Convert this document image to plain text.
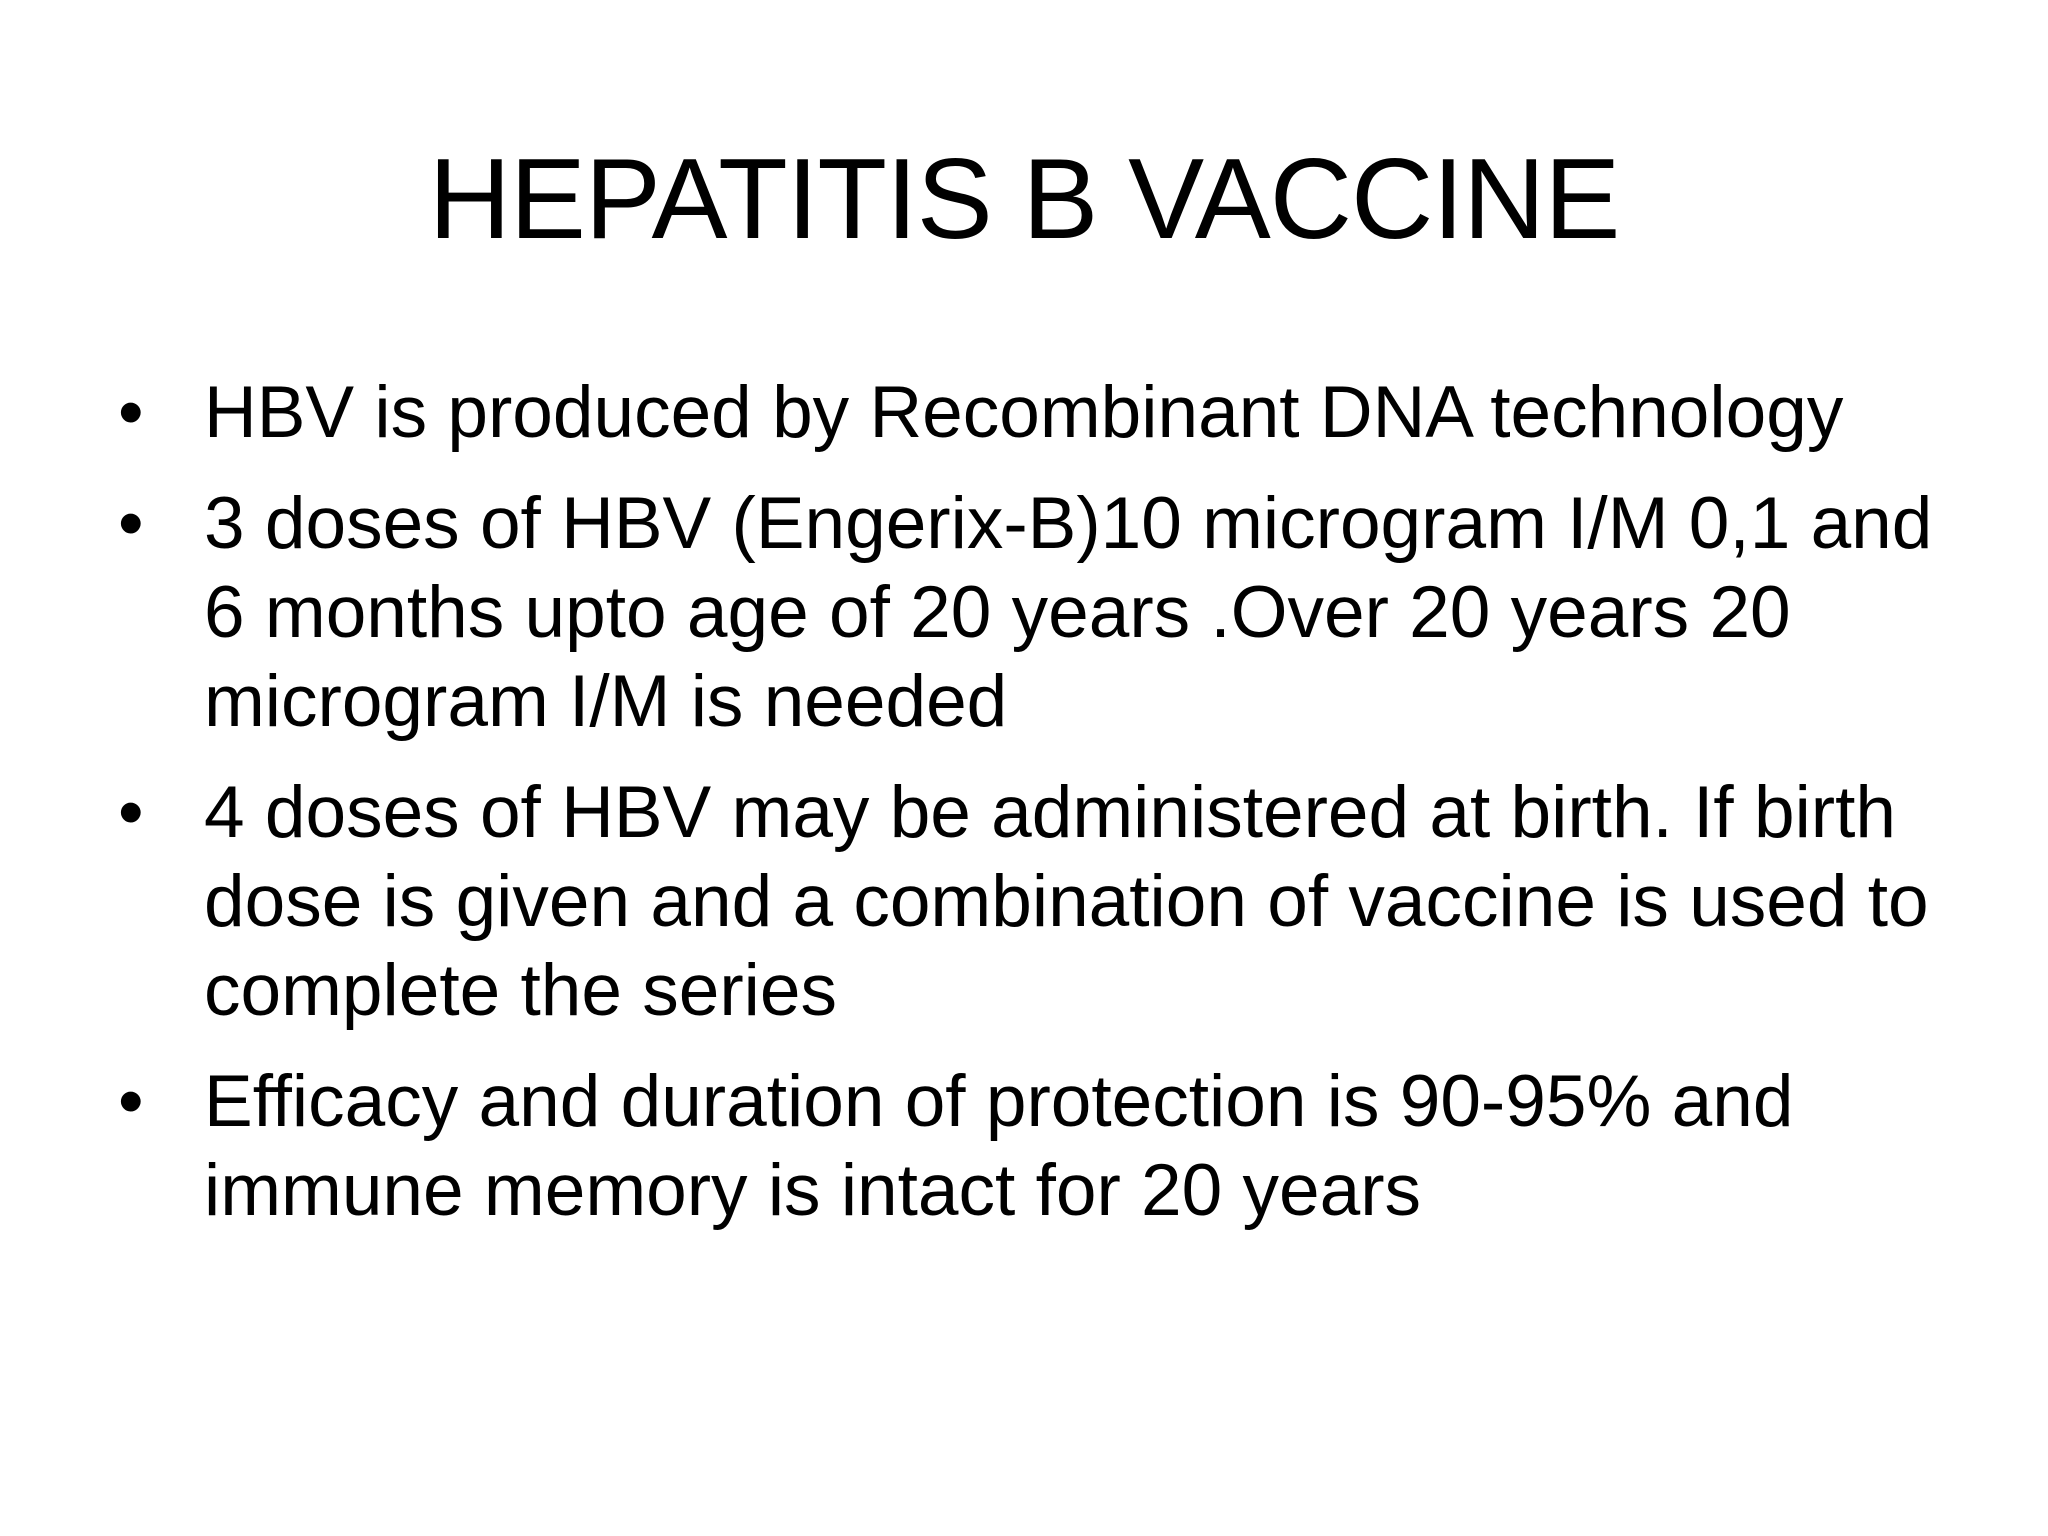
HEPATITIS B VACCINE
• HBV is produced by Recombinant DNA technology
• 3 doses of HBV (Engerix-B)10 microgram I/M 0,1 and 6 months upto age of 20 years .Over 20 years 20 microgram I/M is needed
• 4 doses of HBV may be administered at birth. If birth dose is given and a combination of vaccine is used to complete the series
• Efficacy and duration of protection is 90-95% and immune memory is intact for 20 years
